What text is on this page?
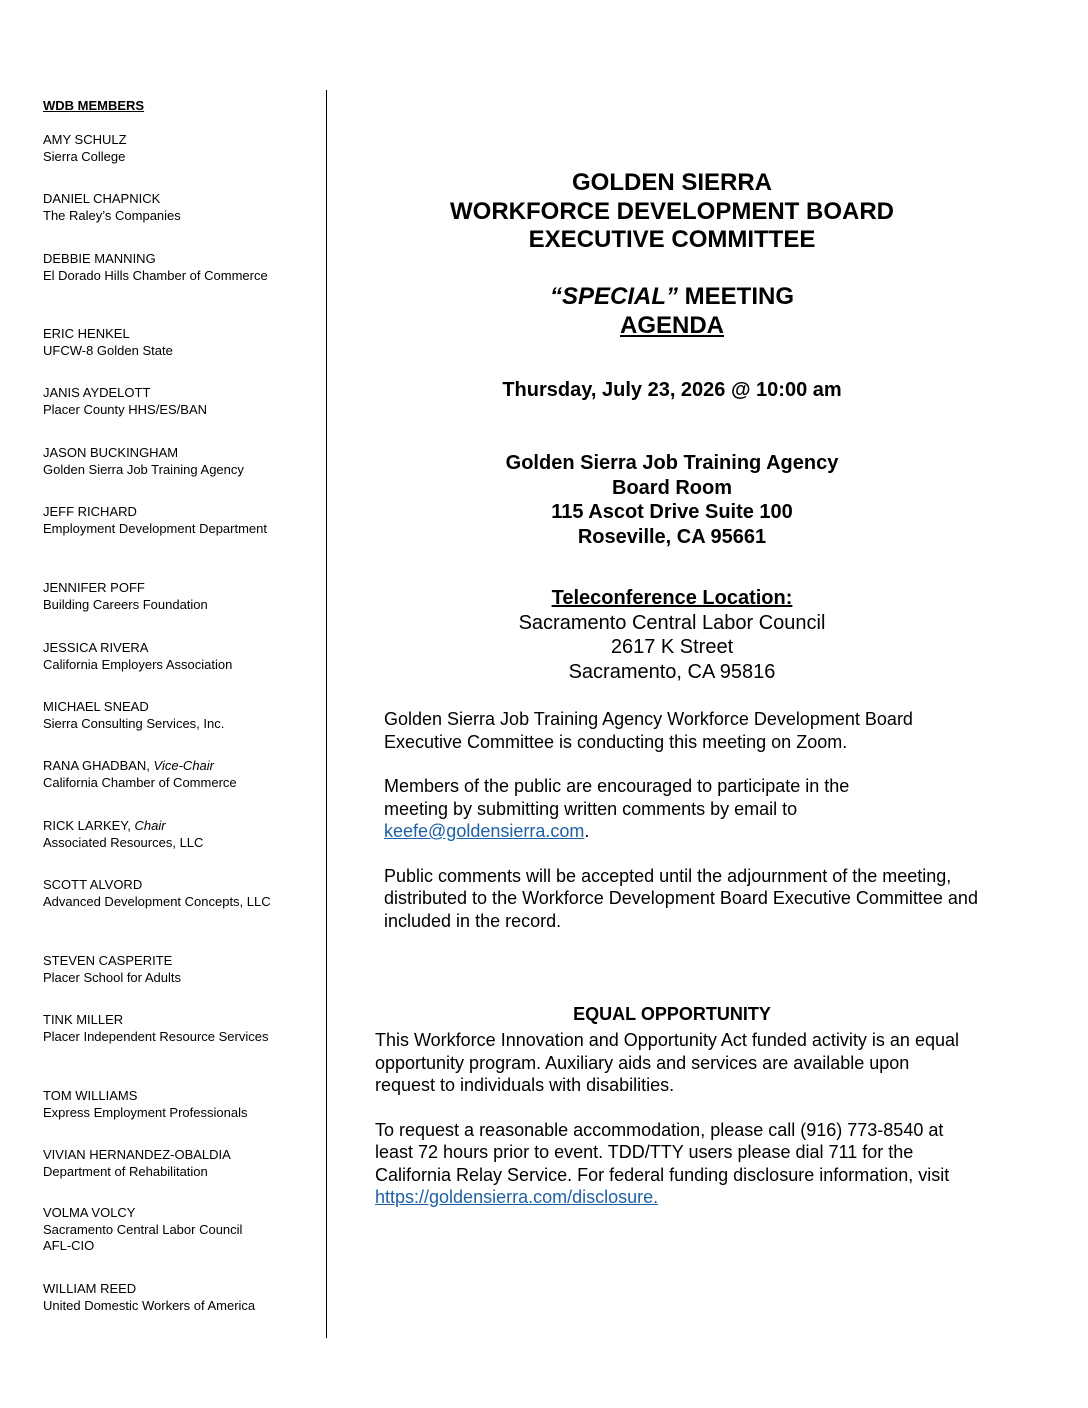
WDB MEMBERS
AMY SCHULZ
Sierra College
DANIEL CHAPNICK
The Raley’s Companies
DEBBIE MANNING
El Dorado Hills Chamber of Commerce
ERIC HENKEL
UFCW-8 Golden State
JANIS AYDELOTT
Placer County HHS/ES/BAN
JASON BUCKINGHAM
Golden Sierra Job Training Agency
JEFF RICHARD
Employment Development Department
JENNIFER POFF
Building Careers Foundation
JESSICA RIVERA
California Employers Association
MICHAEL SNEAD
Sierra Consulting Services, Inc.
RANA GHADBAN, Vice-Chair
California Chamber of Commerce
RICK LARKEY, Chair
Associated Resources, LLC
SCOTT ALVORD
Advanced Development Concepts, LLC
STEVEN CASPERITE
Placer School for Adults
TINK MILLER
Placer Independent Resource Services
TOM WILLIAMS
Express Employment Professionals
VIVIAN HERNANDEZ-OBALDIA
Department of Rehabilitation
VOLMA VOLCY
Sacramento Central Labor Council AFL-CIO
WILLIAM REED
United Domestic Workers of America
GOLDEN SIERRA
WORKFORCE DEVELOPMENT BOARD
EXECUTIVE COMMITTEE
“SPECIAL” MEETING
AGENDA
Thursday, July 23, 2026 @ 10:00 am
Golden Sierra Job Training Agency
Board Room
115 Ascot Drive Suite 100
Roseville, CA 95661
Teleconference Location:
Sacramento Central Labor Council
2617 K Street
Sacramento, CA 95816
Golden Sierra Job Training Agency Workforce Development Board Executive Committee is conducting this meeting on Zoom.
Members of the public are encouraged to participate in the meeting by submitting written comments by email to keefe@goldensierra.com.
Public comments will be accepted until the adjournment of the meeting, distributed to the Workforce Development Board Executive Committee and included in the record.
EQUAL OPPORTUNITY
This Workforce Innovation and Opportunity Act funded activity is an equal opportunity program. Auxiliary aids and services are available upon request to individuals with disabilities.
To request a reasonable accommodation, please call (916) 773-8540 at least 72 hours prior to event. TDD/TTY users please dial 711 for the California Relay Service. For federal funding disclosure information, visit https://goldensierra.com/disclosure.
